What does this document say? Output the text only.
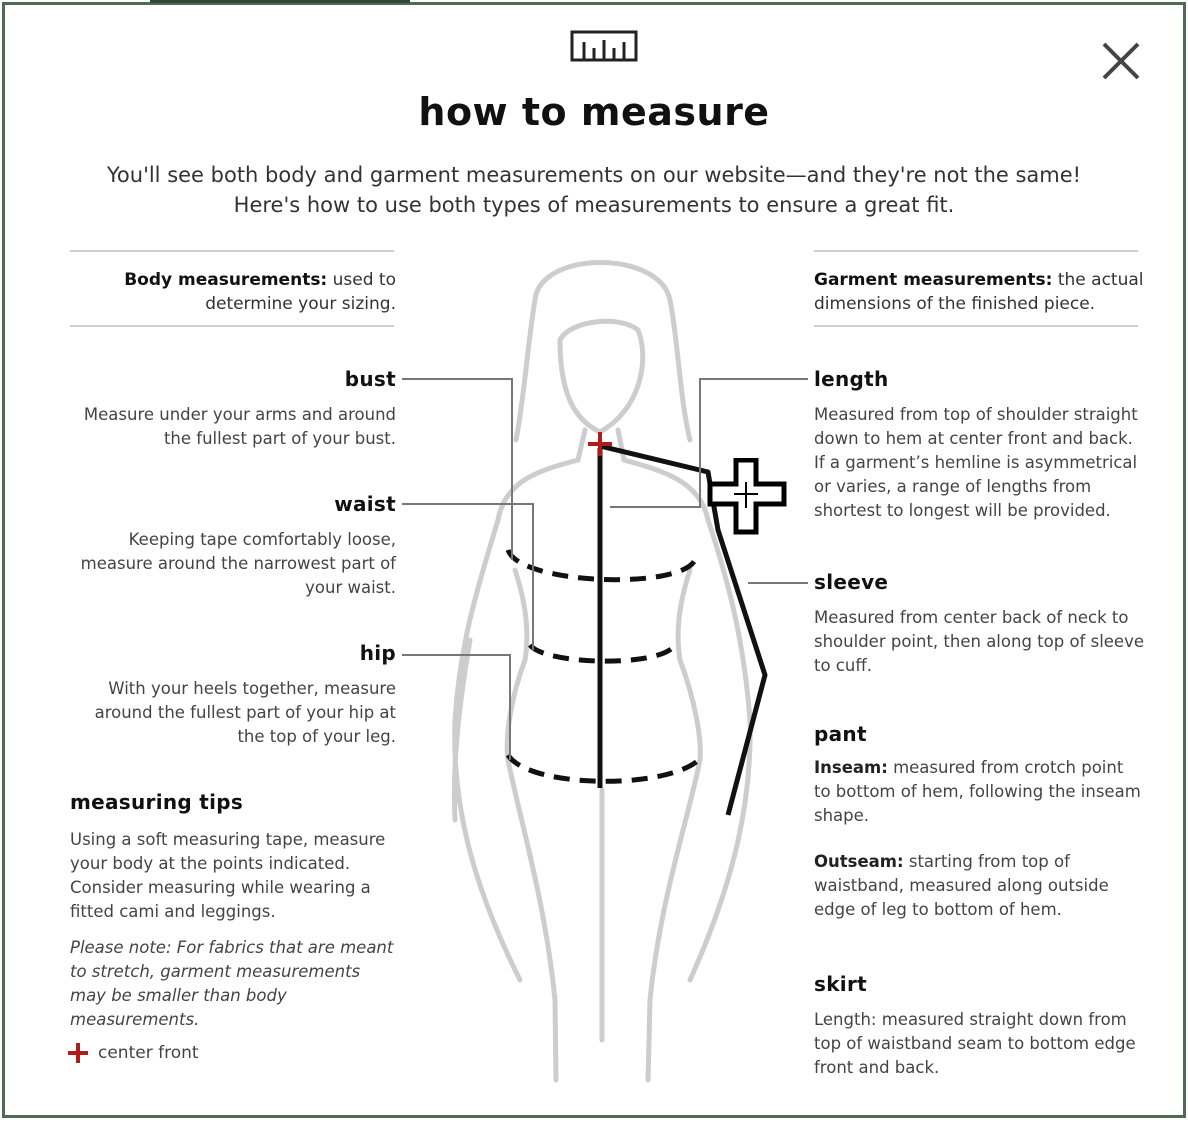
how to measure
You'll see both body and garment measurements on our website—and they're not the same! Here's how to use both types of measurements to ensure a great fit.
Body measurements: used to determine your sizing.
bust
Measure under your arms and around the fullest part of your bust.
waist
Keeping tape comfortably loose, measure around the narrowest part of your waist.
hip
With your heels together, measure around the fullest part of your hip at the top of your leg.
measuring tips
Using a soft measuring tape, measure your body at the points indicated. Consider measuring while wearing a fitted cami and leggings.
Please note: For fabrics that are meant to stretch, garment measurements may be smaller than body measurements.
center front
Garment measurements: the actual dimensions of the finished piece.
length
Measured from top of shoulder straight down to hem at center front and back. If a garment’s hemline is asymmetrical or varies, a range of lengths from shortest to longest will be provided.
sleeve
Measured from center back of neck to shoulder point, then along top of sleeve to cuff.
pant
Inseam: measured from crotch point to bottom of hem, following the inseam shape.
Outseam: starting from top of waistband, measured along outside edge of leg to bottom of hem.
skirt
Length: measured straight down from top of waistband seam to bottom edge front and back.
